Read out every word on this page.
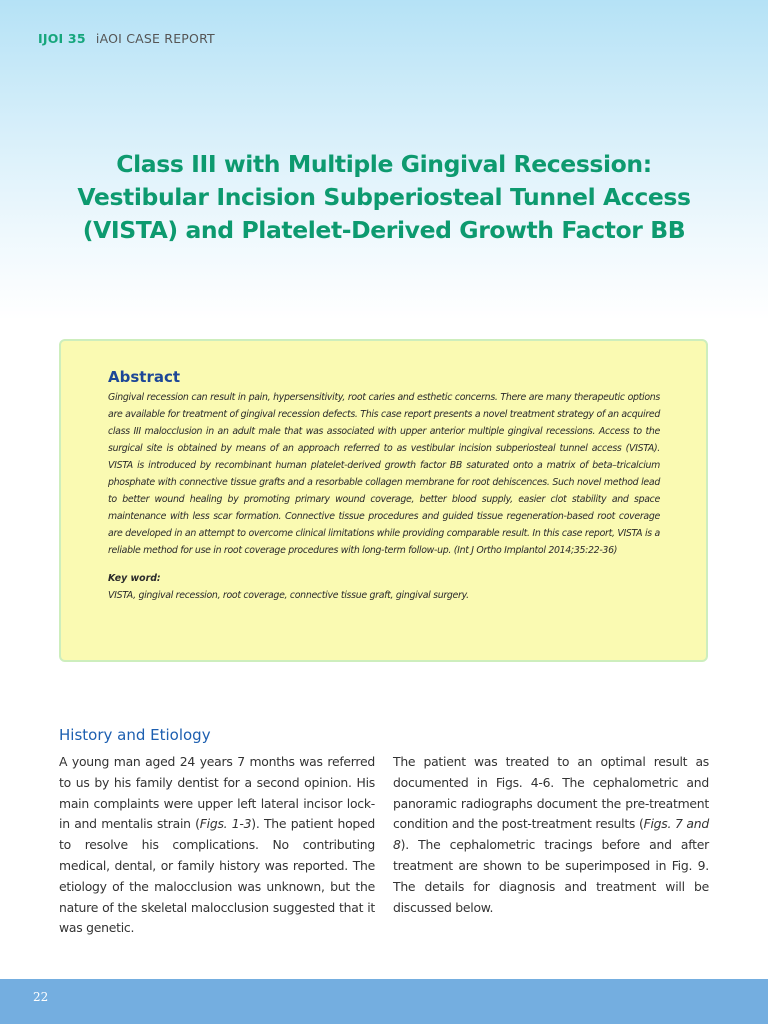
IJOI 35 iAOI CASE REPORT
Class III with Multiple Gingival Recession:
Vestibular Incision Subperiosteal Tunnel Access
(VISTA) and Platelet-Derived Growth Factor BB
Abstract

Gingival recession can result in pain, hypersensitivity, root caries and esthetic concerns. There are many therapeutic options are available for treatment of gingival recession defects. This case report presents a novel treatment strategy of an acquired class III malocclusion in an adult male that was associated with upper anterior multiple gingival recessions. Access to the surgical site is obtained by means of an approach referred to as vestibular incision subperiosteal tunnel access (VISTA). VISTA is introduced by recombinant human platelet-derived growth factor BB saturated onto a matrix of beta–tricalcium phosphate with connective tissue grafts and a resorbable collagen membrane for root dehiscences. Such novel method lead to better wound healing by promoting primary wound coverage, better blood supply, easier clot stability and space maintenance with less scar formation. Connective tissue procedures and guided tissue regeneration-based root coverage are developed in an attempt to overcome clinical limitations while providing comparable result. In this case report, VISTA is a reliable method for use in root coverage procedures with long-term follow-up. (Int J Ortho Implantol 2014;35:22-36)

Key word:

VISTA, gingival recession, root coverage, connective tissue graft, gingival surgery.

History and Etiology

A young man aged 24 years 7 months was referred to us by his family dentist for a second opinion. His main complaints were upper left lateral incisor lock-in and mentalis strain (Figs. 1-3). The patient hoped to resolve his complications. No contributing medical, dental, or family history was reported. The etiology of the malocclusion was unknown, but the nature of the skeletal malocclusion suggested that it was genetic.

The patient was treated to an optimal result as documented in Figs. 4-6. The cephalometric and panoramic radiographs document the pre-treatment condition and the post-treatment results (Figs. 7 and 8). The cephalometric tracings before and after treatment are shown to be superimposed in Fig. 9. The details for diagnosis and treatment will be discussed below.

22
